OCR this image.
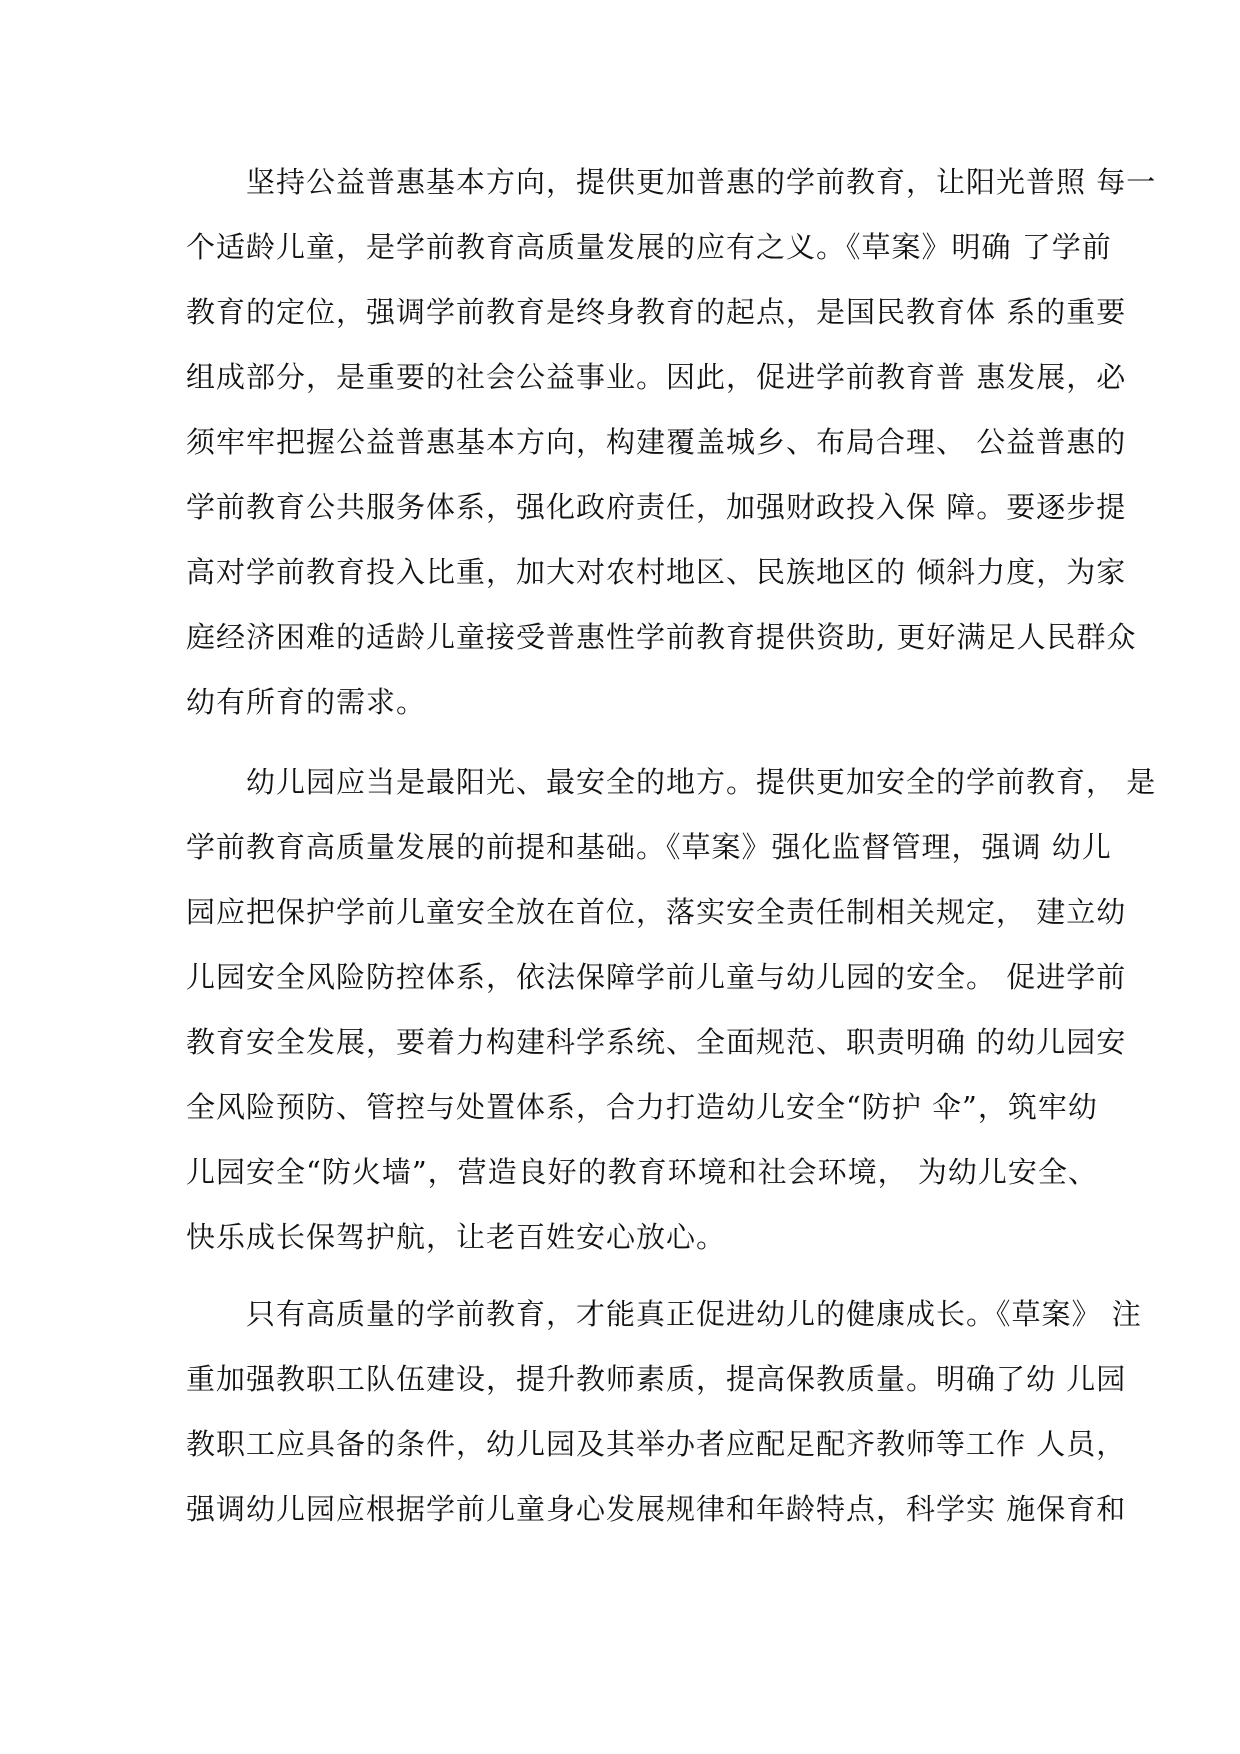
　　坚持公益普惠基本方向，提供更加普惠的学前教育，让阳光普照 每一
个适龄儿童，是学前教育高质量发展的应有之义。《草案》明确 了学前
教育的定位，强调学前教育是终身教育的起点，是国民教育体 系的重要
组成部分，是重要的社会公益事业。因此，促进学前教育普 惠发展，必
须牢牢把握公益普惠基本方向，构建覆盖城乡、布局合理、 公益普惠的
学前教育公共服务体系，强化政府责任，加强财政投入保 障。要逐步提
高对学前教育投入比重，加大对农村地区、民族地区的 倾斜力度，为家
庭经济困难的适龄儿童接受普惠性学前教育提供资助, 更好满足人民群众
幼有所育的需求。
　　幼儿园应当是最阳光、最安全的地方。提供更加安全的学前教育， 是
学前教育高质量发展的前提和基础。《草案》强化监督管理，强调 幼儿
园应把保护学前儿童安全放在首位，落实安全责任制相关规定， 建立幼
儿园安全风险防控体系，依法保障学前儿童与幼儿园的安全。 促进学前
教育安全发展，要着力构建科学系统、全面规范、职责明确 的幼儿园安
全风险预防、管控与处置体系，合力打造幼儿安全“防护 伞”，筑牢幼
儿园安全“防火墙”，营造良好的教育环境和社会环境， 为幼儿安全、
快乐成长保驾护航，让老百姓安心放心。
　　只有高质量的学前教育，才能真正促进幼儿的健康成长。《草案》 注
重加强教职工队伍建设，提升教师素质，提高保教质量。明确了幼 儿园
教职工应具备的条件，幼儿园及其举办者应配足配齐教师等工作 人员，
强调幼儿园应根据学前儿童身心发展规律和年龄特点，科学实 施保育和
